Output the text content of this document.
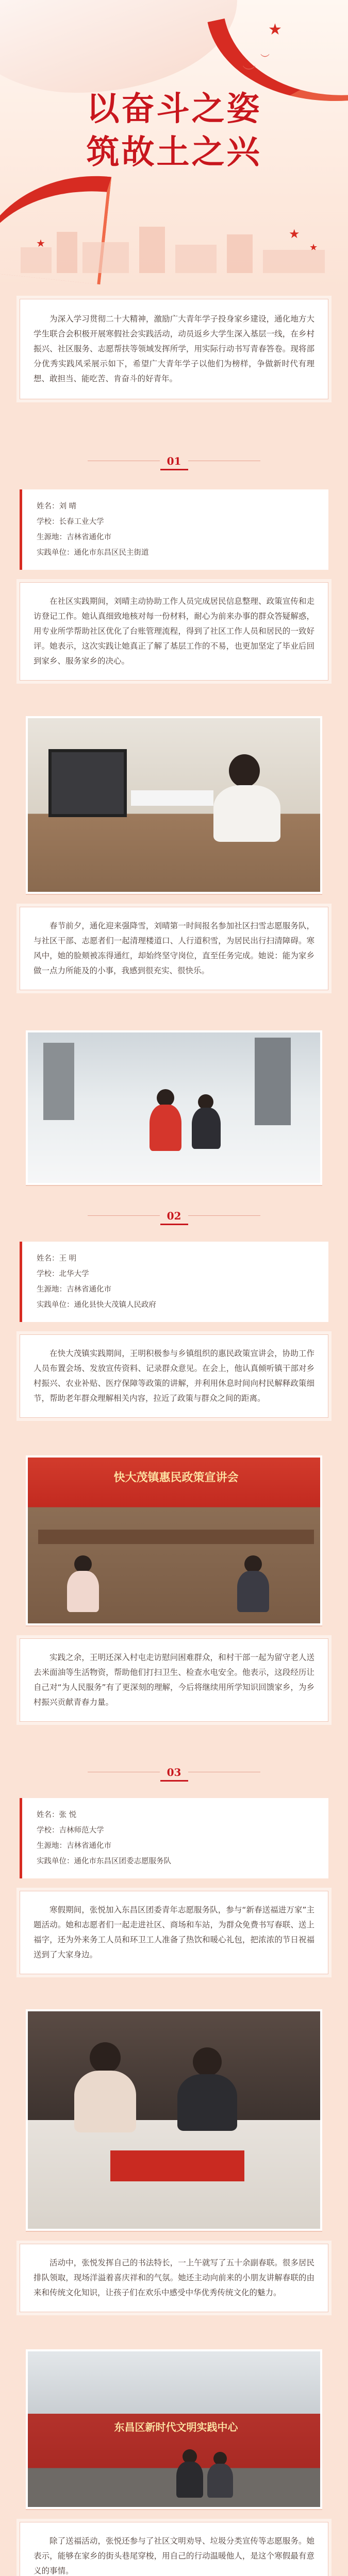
★
︶
︶
以奋斗之姿
筑故土之兴

为深入学习贯彻二十大精神，激励广大青年学子投身家乡建设，通化地方大学生联合会积极开展寒假社会实践活动，动员返乡大学生深入基层一线，在乡村振兴、社区服务、志愿帮扶等领域发挥所学，用实际行动书写青春答卷。现将部分优秀实践风采展示如下，希望广大青年学子以他们为榜样，争做新时代有理想、敢担当、能吃苦、肯奋斗的好青年。

01
姓名：刘 晴
学校：长春工业大学
生源地：吉林省通化市
实践单位：通化市东昌区民主街道

在社区实践期间，刘晴主动协助工作人员完成居民信息整理、政策宣传和走访登记工作。她认真细致地核对每一份材料，耐心为前来办事的群众答疑解惑，用专业所学帮助社区优化了台账管理流程，得到了社区工作人员和居民的一致好评。她表示，这次实践让她真正了解了基层工作的不易，也更加坚定了毕业后回到家乡、服务家乡的决心。

春节前夕，通化迎来强降雪，刘晴第一时间报名参加社区扫雪志愿服务队，与社区干部、志愿者们一起清理楼道口、人行道积雪，为居民出行扫清障碍。寒风中，她的脸颊被冻得通红，却始终坚守岗位，直至任务完成。她说：能为家乡做一点力所能及的小事，我感到很充实、很快乐。

02
姓名：王 明
学校：北华大学
生源地：吉林省通化市
实践单位：通化县快大茂镇人民政府

在快大茂镇实践期间，王明积极参与乡镇组织的惠民政策宣讲会，协助工作人员布置会场、发放宣传资料、记录群众意见。在会上，他认真倾听镇干部对乡村振兴、农业补贴、医疗保障等政策的讲解，并利用休息时间向村民解释政策细节，帮助老年群众理解相关内容，拉近了政策与群众之间的距离。

快大茂镇惠民政策宣讲会

实践之余，王明还深入村屯走访慰问困难群众，和村干部一起为留守老人送去米面油等生活物资，帮助他们打扫卫生、检查水电安全。他表示，这段经历让自己对“为人民服务”有了更深刻的理解，今后将继续用所学知识回馈家乡，为乡村振兴贡献青春力量。

03
姓名：张 悦
学校：吉林师范大学
生源地：吉林省通化市
实践单位：通化市东昌区团委志愿服务队

寒假期间，张悦加入东昌区团委青年志愿服务队，参与“新春送福进万家”主题活动。她和志愿者们一起走进社区、商场和车站，为群众免费书写春联、送上福字，还为外来务工人员和环卫工人准备了热饮和暖心礼包，把浓浓的节日祝福送到了大家身边。

活动中，张悦发挥自己的书法特长，一上午就写了五十余副春联。很多居民排队领取，现场洋溢着喜庆祥和的气氛。她还主动向前来的小朋友讲解春联的由来和传统文化知识，让孩子们在欢乐中感受中华优秀传统文化的魅力。

东昌区新时代文明实践中心

除了送福活动，张悦还参与了社区文明劝导、垃圾分类宣传等志愿服务。她表示，能够在家乡的街头巷尾穿梭，用自己的行动温暖他人，是这个寒假最有意义的事情。
